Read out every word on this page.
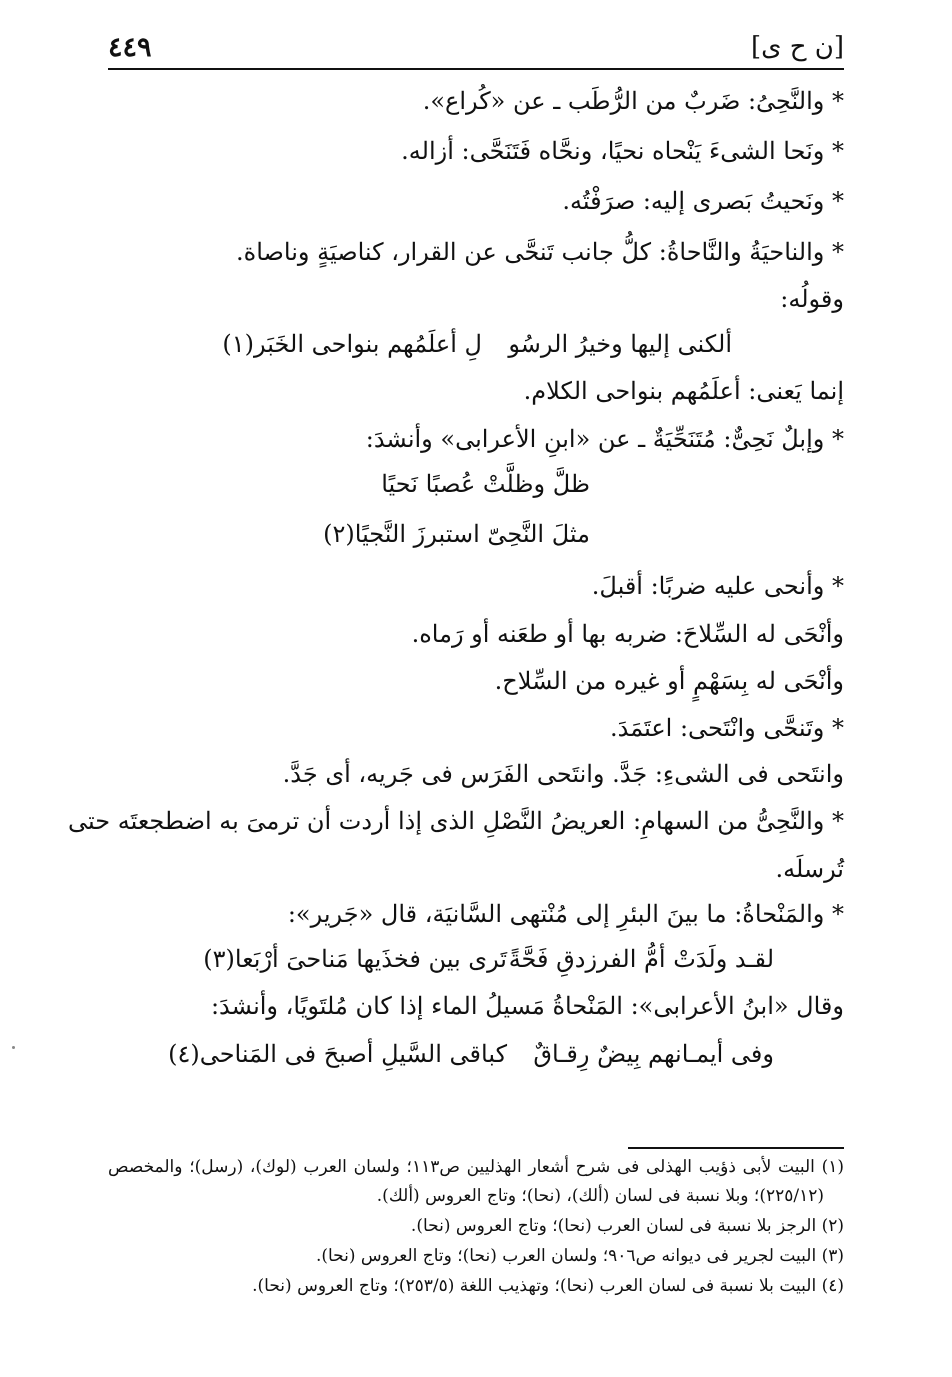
[ن ح ى]
٤٤٩
* والنَّحِىُ: ضَربٌ من الرُّطَب ـ عن «كُراع».
* ونَحا الشىءَ يَنْحاه نحيًا، ونحَّاه فَتَنَحَّى: أزاله.
* ونَحيتُ بَصرى إليه: صرَفْتُه.
* والناحيَةُ والنَّاحاةُ: كلُّ جانب تَنحَّى عن القرار، كناصيَةٍ وناصاة.
وقولُه:
ألكنى إليها وخيرُ الرسُو
لِ أعلَمُهم بنواحى الخَبَر(١)
إنما يَعنى: أعلَمُهم بنواحى الكلام.
* وإبلٌ نَحِىٌّ: مُتَنَحِّيَةٌ ـ عن «ابنِ الأعرابى» وأنشدَ:
ظلَّ وظلَّتْ عُصبًا نَحيًا
مثلَ النَّحِىّ استبرزَ النَّجيًا(٢)
* وأنحى عليه ضربًا: أقبلَ.
وأنْحَى له السِّلاحَ: ضربه بها أو طعَنه أو رَماه.
وأنْحَى له بِسَهْمٍ أو غيره من السِّلاح.
* وتَنحَّى وانْتَحى: اعتَمَدَ.
وانتَحى فى الشىءِ: جَدَّ. وانتَحى الفَرَس فى جَريه، أى جَدَّ.
* والنَّحِىُّ من السهامِ: العريضُ النَّصْلِ الذى إذا أردت أن ترمىَ به اضطجعتَه حتى
تُرسلَه.
* والمَنْحاةُ: ما بينَ البئرِ إلى مُنْتهى السَّانيَة، قال «جَرير»:
لقـد ولَدَتْ أمُّ الفرزدقِ فَحَّةً
تَرى بين فخذَيها مَناحىَ أرْبَعا(٣)
وقال «ابنُ الأعرابى»: المَنْحاةُ مَسيلُ الماء إذا كان مُلتَويًا، وأنشدَ:
وفى أيمـانهم بِيضٌ رِقـاقٌ
كباقى السَّيلِ أصبحَ فى المَناحى(٤)
(١) البيت لأبى ذؤيب الهذلى فى شرح أشعار الهذليين ص١١٣؛ ولسان العرب (لوك)، (رسل)؛ والمخصص
(٢٢٥/١٢)؛ وبلا نسبة فى لسان (ألك)، (نحا)؛ وتاج العروس (ألك).
(٢) الرجز بلا نسبة فى لسان العرب (نحا)؛ وتاج العروس (نحا).
(٣) البيت لجرير فى ديوانه ص٩٠٦؛ ولسان العرب (نحا)؛ وتاج العروس (نحا).
(٤) البيت بلا نسبة فى لسان العرب (نحا)؛ وتهذيب اللغة (٢٥٣/٥)؛ وتاج العروس (نحا).
